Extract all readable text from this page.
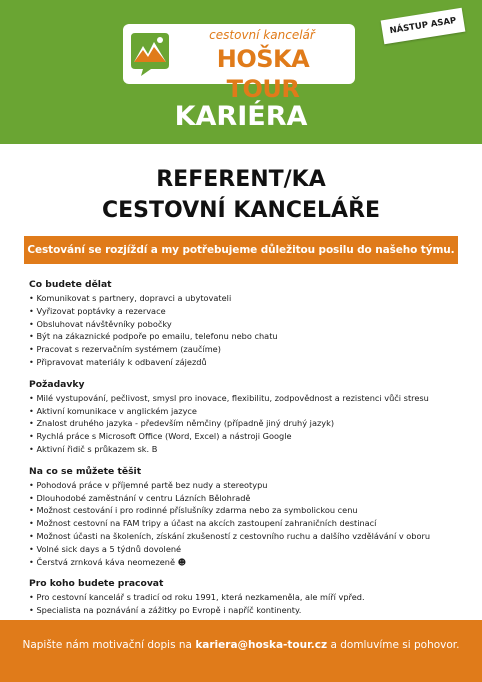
cestovní kancelář
HOŠKA TOUR
NÁSTUP ASAP
KARIÉRA
REFERENT/KA
CESTOVNÍ KANCELÁŘE
Cestování se rozjíždí a my potřebujeme důležitou posilu do našeho týmu.
Co budete dělat
• Komunikovat s partnery, dopravci a ubytovateli
• Vyřizovat poptávky a rezervace
• Obsluhovat návštěvníky pobočky
• Být na zákaznické podpoře po emailu, telefonu nebo chatu
• Pracovat s rezervačním systémem (zaučíme)
• Připravovat materiály k odbavení zájezdů
Požadavky
• Milé vystupování, pečlivost, smysl pro inovace, flexibilitu, zodpovědnost a rezistenci vůči stresu
• Aktivní komunikace v anglickém jazyce
• Znalost druhého jazyka - především němčiny (případně jiný druhý jazyk)
• Rychlá práce s Microsoft Office (Word, Excel) a nástroji Google
• Aktivní řidič s průkazem sk. B
Na co se můžete těšit
• Pohodová práce v příjemné partě bez nudy a stereotypu
• Dlouhodobé zaměstnání v centru Lázních Bělohradě
• Možnost cestování i pro rodinné příslušníky zdarma nebo za symbolickou cenu
• Možnost cestovní na FAM tripy a účast na akcích zastoupení zahraničních destinací
• Možnost účasti na školeních, získání zkušeností z cestovního ruchu a dalšího vzdělávání v oboru
• Volné sick days a 5 týdnů dovolené
• Čerstvá zrnková káva neomezeně ☻
Pro koho budete pracovat
• Pro cestovní kancelář s tradicí od roku 1991, která nezkameněla, ale míří vpřed.
• Specialista na poznávání a zážitky po Evropě i napříč kontinenty.
Napište nám motivační dopis na kariera@hoska-tour.cz a domluvíme si pohovor.
